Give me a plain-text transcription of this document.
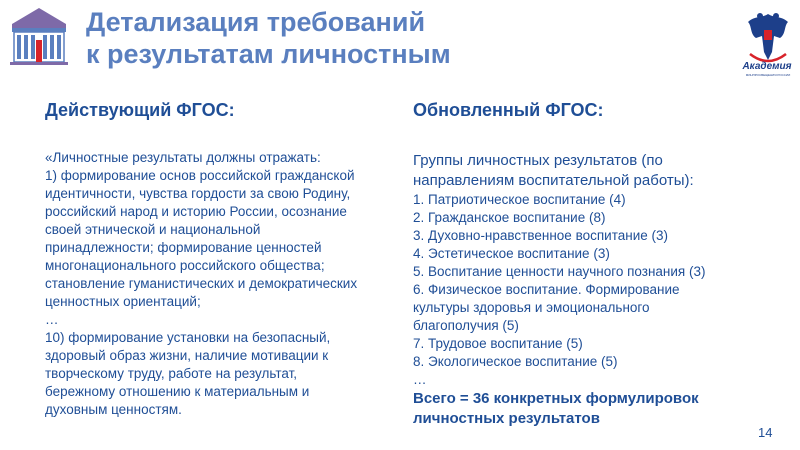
Детализация требований
к результатам личностным	Академия
МИНПРОСВЕЩЕНИЯ РОССИИ
Действующий ФГОС:

«Личностные результаты должны отражать:

1) формирование основ российской гражданской

идентичности, чувства гордости за свою Родину,

российский народ и историю России, осознание

своей этнической и национальной

принадлежности; формирование ценностей

многонационального российского общества;

становление гуманистических и демократических

ценностных ориентаций;

…

10) формирование установки на безопасный,

здоровый образ жизни, наличие мотивации к

творческому труду, работе на результат,

бережному отношению к материальным и

духовным ценностям.

Обновленный ФГОС:

Группы личностных результатов (по

направлениям воспитательной работы):

1. Патриотическое воспитание (4)

2. Гражданское воспитание (8)

3. Духовно-нравственное воспитание (3)

4. Эстетическое воспитание (3)

5. Воспитание ценности научного познания (3)

6. Физическое воспитание. Формирование

культуры здоровья и эмоционального

благополучия (5)

7. Трудовое воспитание (5)

8. Экологическое воспитание (5)

…

Всего = 36 конкретных формулировок

личностных результатов

14
